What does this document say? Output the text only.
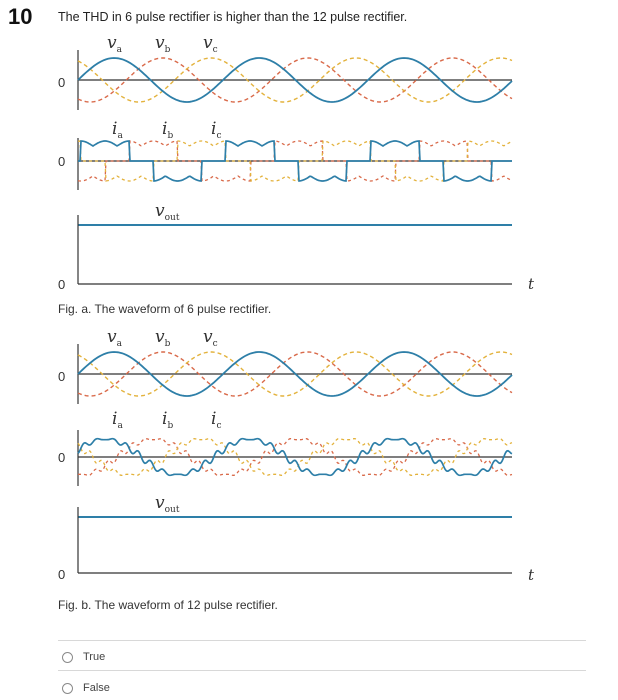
10 The THD in 6 pulse rectifier is higher than the 12 pulse rectifier.
$v_a$ $v_b$ $v_c$
0
$i_a$ $i_b$ $i_c$
0
$v_{out}$
0	t
$v_a$ $v_b$ $v_c$
0
$i_a$ $i_b$ $i_c$
0
$v_{out}$
0	t
Fig. a. The waveform of 6 pulse rectifier.
Fig. b. The waveform of 12 pulse rectifier.
True
False
